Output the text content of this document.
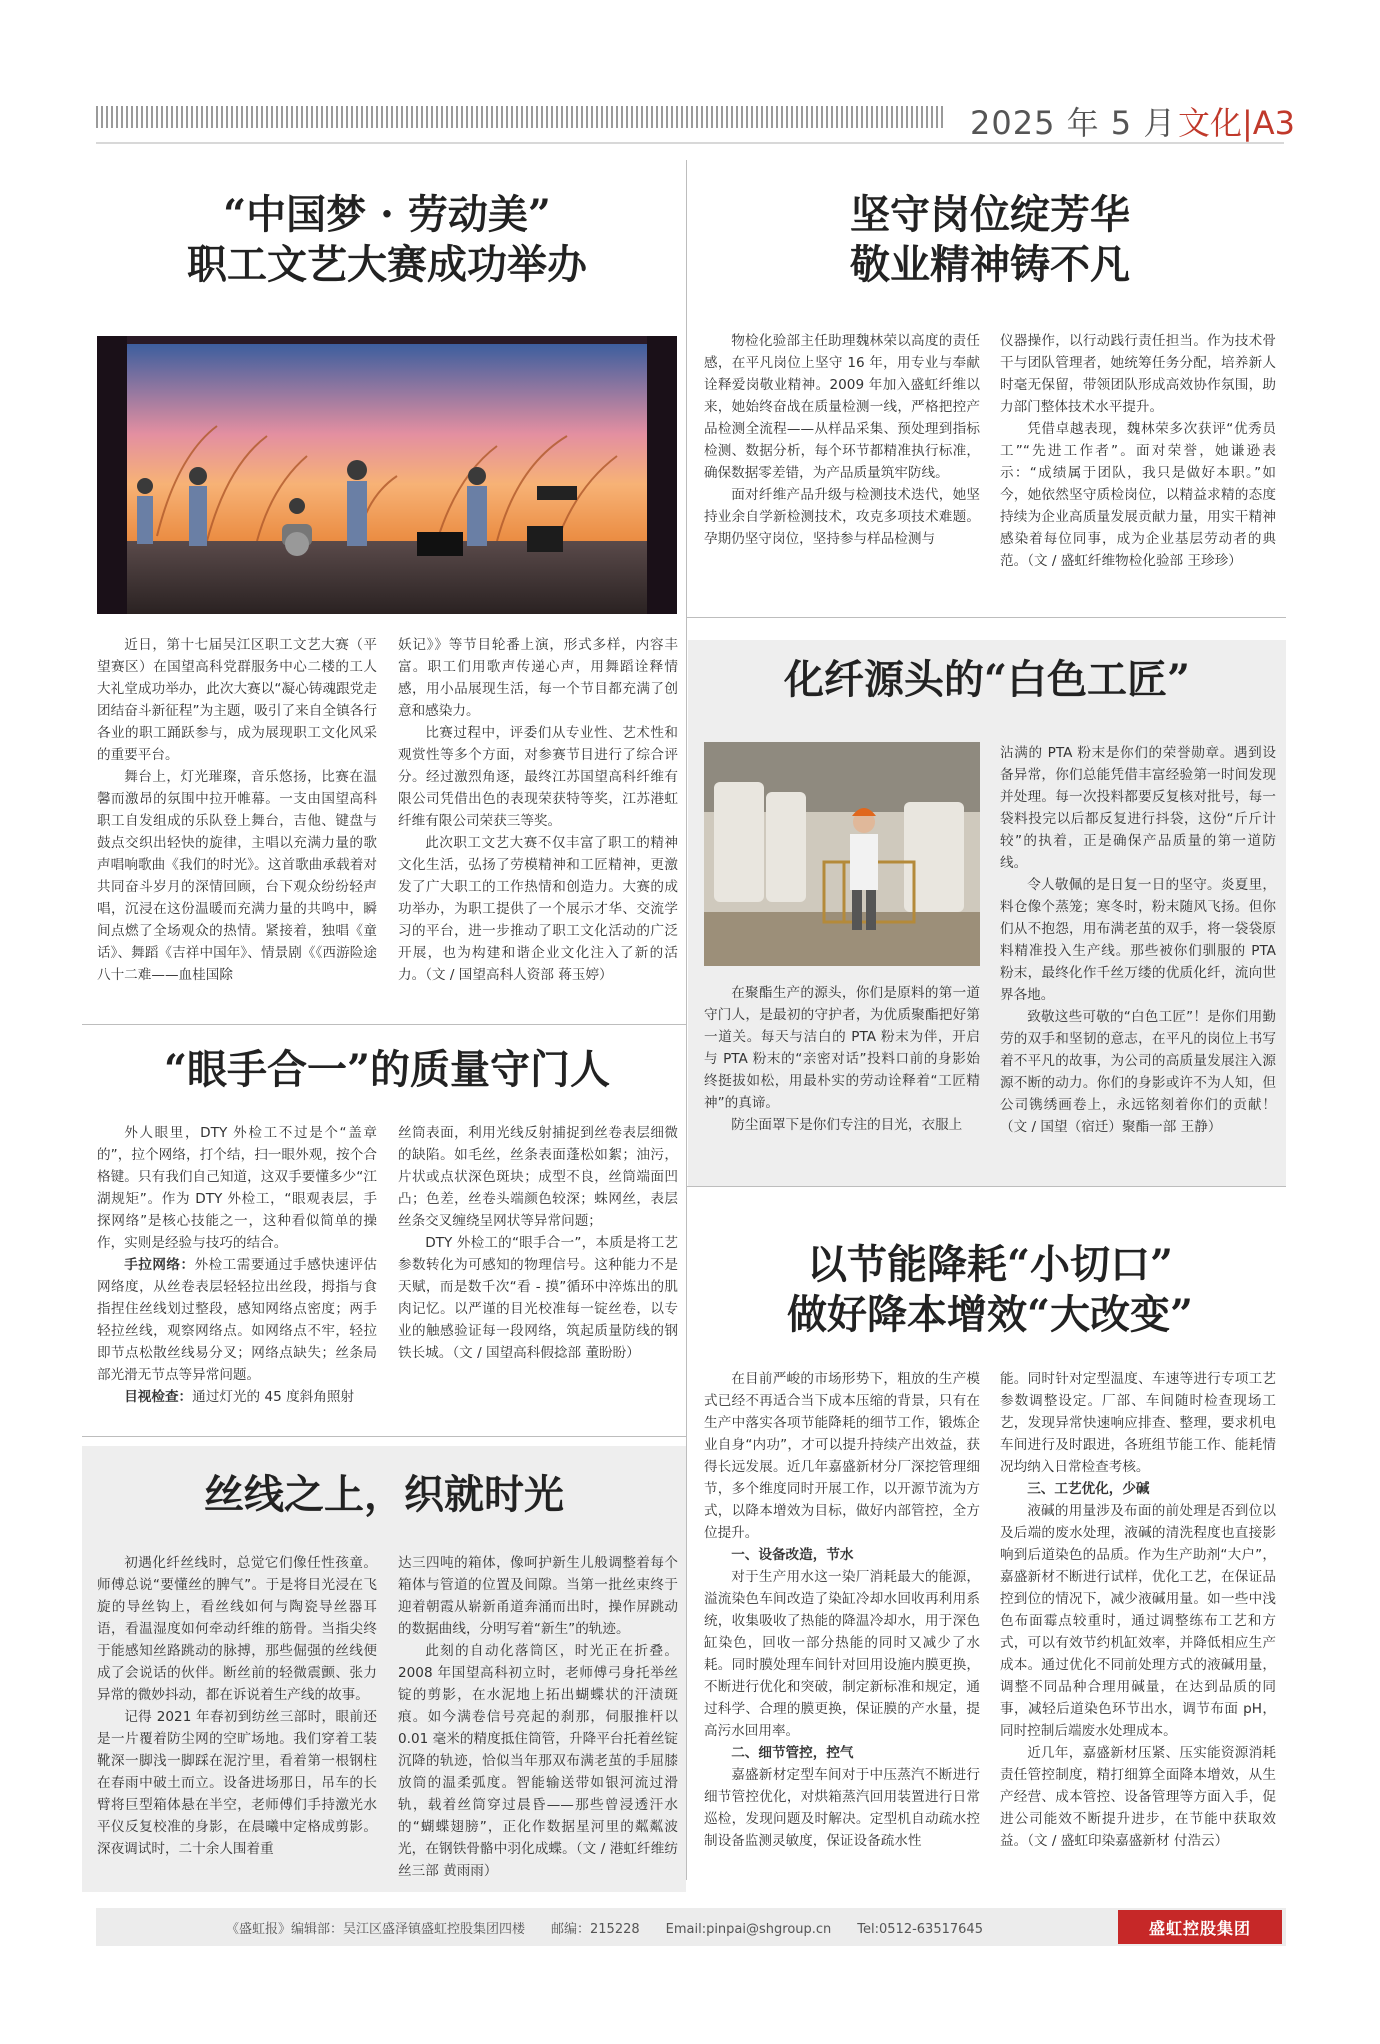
2025 年 5 月 文化|A3
“中国梦 · 劳动美”
职工文艺大赛成功举办

近日，第十七届吴江区职工文艺大赛（平望赛区）在国望高科党群服务中心二楼的工人大礼堂成功举办，此次大赛以“凝心铸魂跟党走 团结奋斗新征程”为主题，吸引了来自全镇各行各业的职工踊跃参与，成为展现职工文化风采的重要平台。

舞台上，灯光璀璨，音乐悠扬，比赛在温馨而激昂的氛围中拉开帷幕。一支由国望高科职工自发组成的乐队登上舞台，吉他、键盘与鼓点交织出轻快的旋律，主唱以充满力量的歌声唱响歌曲《我们的时光》。这首歌曲承载着对共同奋斗岁月的深情回顾，台下观众纷纷轻声唱，沉浸在这份温暖而充满力量的共鸣中，瞬间点燃了全场观众的热情。紧接着，独唱《童话》、舞蹈《吉祥中国年》、情景剧《《西游险途八十二难——血桂国除

妖记》》等节目轮番上演，形式多样，内容丰富。职工们用歌声传递心声，用舞蹈诠释情感，用小品展现生活，每一个节目都充满了创意和感染力。

比赛过程中，评委们从专业性、艺术性和观赏性等多个方面，对参赛节目进行了综合评分。经过激烈角逐，最终江苏国望高科纤维有限公司凭借出色的表现荣获特等奖，江苏港虹纤维有限公司荣获三等奖。

此次职工文艺大赛不仅丰富了职工的精神文化生活，弘扬了劳模精神和工匠精神，更激发了广大职工的工作热情和创造力。大赛的成功举办，为职工提供了一个展示才华、交流学习的平台，进一步推动了职工文化活动的广泛开展，也为构建和谐企业文化注入了新的活力。（文 / 国望高科人资部 蒋玉婷）

坚守岗位绽芳华
敬业精神铸不凡

物检化验部主任助理魏林荣以高度的责任感，在平凡岗位上坚守 16 年，用专业与奉献诠释爱岗敬业精神。2009 年加入盛虹纤维以来，她始终奋战在质量检测一线，严格把控产品检测全流程——从样品采集、预处理到指标检测、数据分析，每个环节都精准执行标准，确保数据零差错，为产品质量筑牢防线。

面对纤维产品升级与检测技术迭代，她坚持业余自学新检测技术，攻克多项技术难题。孕期仍坚守岗位，坚持参与样品检测与

仪器操作，以行动践行责任担当。作为技术骨干与团队管理者，她统筹任务分配，培养新人时毫无保留，带领团队形成高效协作氛围，助力部门整体技术水平提升。

凭借卓越表现，魏林荣多次获评“优秀员工”“先进工作者”。面对荣誉，她谦逊表示：“成绩属于团队，我只是做好本职。”如今，她依然坚守质检岗位，以精益求精的态度持续为企业高质量发展贡献力量，用实干精神感染着每位同事，成为企业基层劳动者的典范。（文 / 盛虹纤维物检化验部 王珍珍）

化纤源头的“白色工匠”

在聚酯生产的源头，你们是原料的第一道守门人，是最初的守护者，为优质聚酯把好第一道关。每天与洁白的 PTA 粉末为伴，开启与 PTA 粉末的“亲密对话”投料口前的身影始终挺拔如松，用最朴实的劳动诠释着“工匠精神”的真谛。

防尘面罩下是你们专注的目光，衣服上

沾满的 PTA 粉末是你们的荣誉勋章。遇到设备异常，你们总能凭借丰富经验第一时间发现并处理。每一次投料都要反复核对批号，每一袋料投完以后都反复进行抖袋，这份“斤斤计较”的执着，正是确保产品质量的第一道防线。

令人敬佩的是日复一日的坚守。炎夏里，料仓像个蒸笼；寒冬时，粉末随风飞扬。但你们从不抱怨，用布满老茧的双手，将一袋袋原料精准投入生产线。那些被你们驯服的 PTA 粉末，最终化作千丝万缕的优质化纤，流向世界各地。

致敬这些可敬的“白色工匠”！是你们用勤劳的双手和坚韧的意志，在平凡的岗位上书写着不平凡的故事，为公司的高质量发展注入源源不断的动力。你们的身影或许不为人知，但公司镌绣画卷上，永远铭刻着你们的贡献！（文 / 国望（宿迁）聚酯一部 王静）

“眼手合一”的质量守门人

外人眼里，DTY 外检工不过是个“盖章的”，拉个网络，打个结，扫一眼外观，按个合格键。只有我们自己知道，这双手要懂多少“江湖规矩”。作为 DTY 外检工，“眼观表层，手探网络”是核心技能之一，这种看似简单的操作，实则是经验与技巧的结合。

手拉网络：外检工需要通过手感快速评估网络度，从丝卷表层轻轻拉出丝段，拇指与食指捏住丝线划过整段，感知网络点密度；两手轻拉丝线，观察网络点。如网络点不牢，轻拉即节点松散丝线易分叉；网络点缺失；丝条局部光滑无节点等异常问题。

目视检查：通过灯光的 45 度斜角照射

丝筒表面，利用光线反射捕捉到丝卷表层细微的缺陷。如毛丝，丝条表面蓬松如絮；油污，片状或点状深色斑块；成型不良，丝筒端面凹凸；色差，丝卷头端颜色较深；蛛网丝，表层丝条交叉缠绕呈网状等异常问题；

DTY 外检工的“眼手合一”，本质是将工艺参数转化为可感知的物理信号。这种能力不是天赋，而是数千次“看 - 摸”循环中淬炼出的肌肉记忆。以严谨的目光校准每一锭丝卷，以专业的触感验证每一段网络，筑起质量防线的钢铁长城。（文 / 国望高科假捻部 董盼盼）

以节能降耗“小切口”
做好降本增效“大改变”

在目前严峻的市场形势下，粗放的生产模式已经不再适合当下成本压缩的背景，只有在生产中落实各项节能降耗的细节工作，锻炼企业自身“内功”，才可以提升持续产出效益，获得长远发展。近几年嘉盛新材分厂深挖管理细节，多个维度同时开展工作，以开源节流为方式，以降本增效为目标，做好内部管控，全方位提升。

一、设备改造，节水

对于生产用水这一染厂消耗最大的能源，溢流染色车间改造了染缸冷却水回收再利用系统，收集吸收了热能的降温冷却水，用于深色缸染色，回收一部分热能的同时又减少了水耗。同时膜处理车间针对回用设施内膜更换，不断进行优化和突破，制定新标准和规定，通过科学、合理的膜更换，保证膜的产水量，提高污水回用率。

二、细节管控，控气

嘉盛新材定型车间对于中压蒸汽不断进行细节管控优化，对烘箱蒸汽回用装置进行日常巡检，发现问题及时解决。定型机自动疏水控制设备监测灵敏度，保证设备疏水性

能。同时针对定型温度、车速等进行专项工艺参数调整设定。厂部、车间随时检查现场工艺，发现异常快速响应排查、整理，要求机电车间进行及时跟进，各班组节能工作、能耗情况均纳入日常检查考核。

三、工艺优化，少碱

液碱的用量涉及布面的前处理是否到位以及后端的废水处理，液碱的清洗程度也直接影响到后道染色的品质。作为生产助剂“大户”，嘉盛新材不断进行试样，优化工艺，在保证品控到位的情况下，减少液碱用量。如一些中浅色布面霉点较重时，通过调整练布工艺和方式，可以有效节约机缸效率，并降低相应生产成本。通过优化不同前处理方式的液碱用量，调整不同品种合理用碱量，在达到品质的同事，减轻后道染色环节出水，调节布面 pH，同时控制后端废水处理成本。

近几年，嘉盛新材压紧、压实能资源消耗责任管控制度，精打细算全面降本增效，从生产经营、成本管控、设备管理等方面入手，促进公司能效不断提升进步，在节能中获取效益。（文 / 盛虹印染嘉盛新材 付浩云）

丝线之上，织就时光

初遇化纤丝线时，总觉它们像任性孩童。师傅总说“要懂丝的脾气”。于是将目光浸在飞旋的导丝钩上，看丝线如何与陶瓷导丝器耳语，看温湿度如何牵动纤维的筋骨。当指尖终于能感知丝路跳动的脉搏，那些倔强的丝线便成了会说话的伙伴。断丝前的轻微震颤、张力异常的微妙抖动，都在诉说着生产线的故事。

记得 2021 年春初到纺丝三部时，眼前还是一片覆着防尘网的空旷场地。我们穿着工装靴深一脚浅一脚踩在泥泞里，看着第一根钢柱在春雨中破土而立。设备进场那日，吊车的长臂将巨型箱体悬在半空，老师傅们手持激光水平仪反复校准的身影，在晨曦中定格成剪影。深夜调试时，二十余人围着重

达三四吨的箱体，像呵护新生儿般调整着每个箱体与管道的位置及间隙。当第一批丝束终于迎着朝霞从崭新甬道奔涌而出时，操作屏跳动的数据曲线，分明写着“新生”的轨迹。

此刻的自动化落筒区，时光正在折叠。2008 年国望高科初立时，老师傅弓身托举丝锭的剪影，在水泥地上拓出蝴蝶状的汗渍斑痕。如今满卷信号亮起的刹那，伺服推杆以 0.01 毫米的精度抵住筒管，升降平台托着丝锭沉降的轨迹，恰似当年那双布满老茧的手屈膝放筒的温柔弧度。智能输送带如银河流过滑轨，载着丝筒穿过晨昏——那些曾浸透汗水的“蝴蝶翅膀”，正化作数据星河里的粼粼波光，在钢铁骨骼中羽化成蝶。（文 / 港虹纤维纺丝三部 黄雨雨）

《盛虹报》编辑部：吴江区盛泽镇盛虹控股集团四楼　　邮编：215228　　Email:pinpai@shgroup.cn　　Tel:0512-63517645	盛虹控股集团
